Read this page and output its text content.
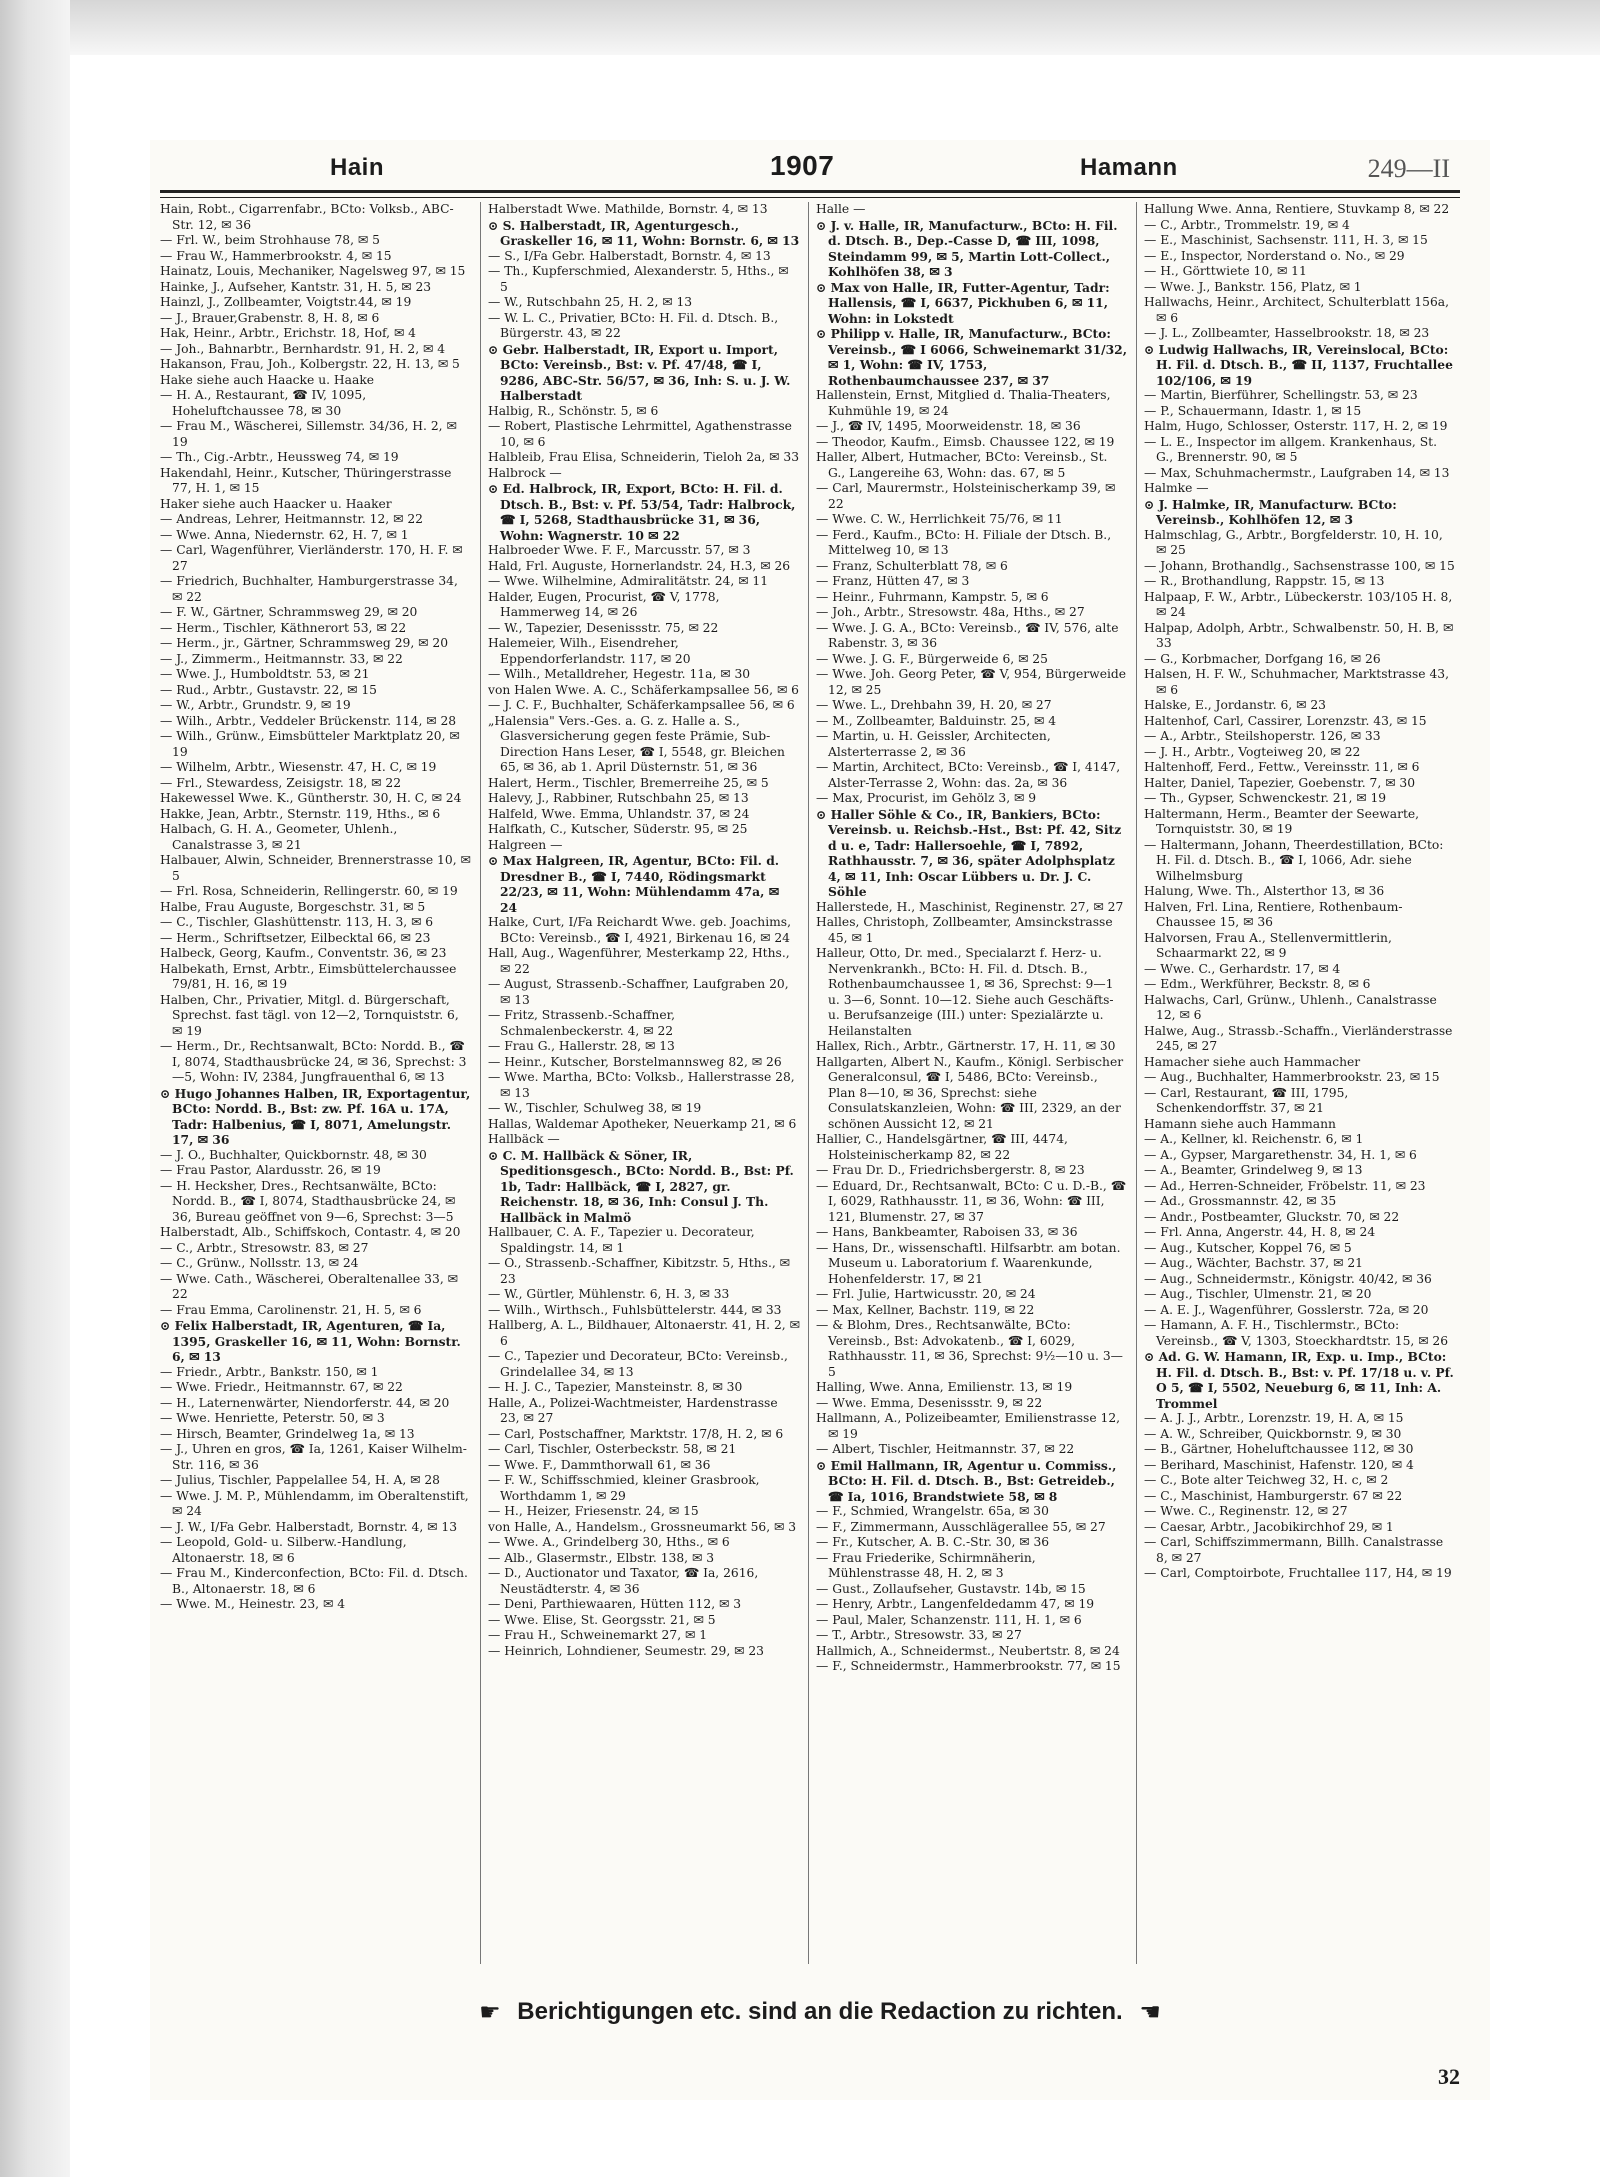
Hain	1907	Hamann	249—II
Hain, Robt., Cigarrenfabr., BCto: Volksb., ABC-Str. 12, ✉ 36
— Frl. W., beim Strohhause 78, ✉ 5
— Frau W., Hammerbrookstr. 4, ✉ 15
Hainatz, Louis, Mechaniker, Nagelsweg 97, ✉ 15
Hainke, J., Aufseher, Kantstr. 31, H. 5, ✉ 23
Hainzl, J., Zollbeamter, Voigtstr.44, ✉ 19
— J., Brauer,Grabenstr. 8, H. 8, ✉ 6
Hak, Heinr., Arbtr., Erichstr. 18, Hof, ✉ 4
— Joh., Bahnarbtr., Bernhardstr. 91, H. 2, ✉ 4
Hakanson, Frau, Joh., Kolbergstr. 22, H. 13, ✉ 5
Hake siehe auch Haacke u. Haake
— H. A., Restaurant, ☎ IV, 1095, Hoheluftchaussee 78, ✉ 30
— Frau M., Wäscherei, Sillemstr. 34/36, H. 2, ✉ 19
— Th., Cig.-Arbtr., Heussweg 74, ✉ 19
Hakendahl, Heinr., Kutscher, Thüringerstrasse 77, H. 1, ✉ 15
Haker siehe auch Haacker u. Haaker
— Andreas, Lehrer, Heitmannstr. 12, ✉ 22
— Wwe. Anna, Niedernstr. 62, H. 7, ✉ 1
— Carl, Wagenführer, Vierländerstr. 170, H. F. ✉ 27
— Friedrich, Buchhalter, Hamburgerstrasse 34, ✉ 22
— F. W., Gärtner, Schrammsweg 29, ✉ 20
— Herm., Tischler, Käthnerort 53, ✉ 22
— Herm., jr., Gärtner, Schrammsweg 29, ✉ 20
— J., Zimmerm., Heitmannstr. 33, ✉ 22
— Wwe. J., Humboldtstr. 53, ✉ 21
— Rud., Arbtr., Gustavstr. 22, ✉ 15
— W., Arbtr., Grundstr. 9, ✉ 19
— Wilh., Arbtr., Veddeler Brückenstr. 114, ✉ 28
— Wilh., Grünw., Eimsbütteler Marktplatz 20, ✉ 19
— Wilhelm, Arbtr., Wiesenstr. 47, H. C, ✉ 19
— Frl., Stewardess, Zeisigstr. 18, ✉ 22
Hakewessel Wwe. K., Güntherstr. 30, H. C, ✉ 24
Hakke, Jean, Arbtr., Sternstr. 119, Hths., ✉ 6
Halbach, G. H. A., Geometer, Uhlenh., Canalstrasse 3, ✉ 21
Halbauer, Alwin, Schneider, Brennerstrasse 10, ✉ 5
— Frl. Rosa, Schneiderin, Rellingerstr. 60, ✉ 19
Halbe, Frau Auguste, Borgeschstr. 31, ✉ 5
— C., Tischler, Glashüttenstr. 113, H. 3, ✉ 6
— Herm., Schriftsetzer, Eilbecktal 66, ✉ 23
Halbeck, Georg, Kaufm., Conventstr. 36, ✉ 23
Halbekath, Ernst, Arbtr., Eimsbüttelerchaussee 79/81, H. 16, ✉ 19
Halben, Chr., Privatier, Mitgl. d. Bürgerschaft, Sprechst. fast tägl. von 12—2, Tornquiststr. 6, ✉ 19
— Herm., Dr., Rechtsanwalt, BCto: Nordd. B., ☎ I, 8074, Stadthausbrücke 24, ✉ 36, Sprechst: 3—5, Wohn: IV, 2384, Jungfrauenthal 6, ✉ 13
⊙ Hugo Johannes Halben, IR, Exportagentur, BCto: Nordd. B., Bst: zw. Pf. 16A u. 17A, Tadr: Halbenius, ☎ I, 8071, Amelungstr. 17, ✉ 36
— J. O., Buchhalter, Quickbornstr. 48, ✉ 30
— Frau Pastor, Alardusstr. 26, ✉ 19
— H. Hecksher, Dres., Rechtsanwälte, BCto: Nordd. B., ☎ I, 8074, Stadthausbrücke 24, ✉ 36, Bureau geöffnet von 9—6, Sprechst: 3—5
Halberstadt, Alb., Schiffskoch, Contastr. 4, ✉ 20
— C., Arbtr., Stresowstr. 83, ✉ 27
— C., Grünw., Nollsstr. 13, ✉ 24
— Wwe. Cath., Wäscherei, Oberaltenallee 33, ✉ 22
— Frau Emma, Carolinenstr. 21, H. 5, ✉ 6
⊙ Felix Halberstadt, IR, Agenturen, ☎ Ia, 1395, Graskeller 16, ✉ 11, Wohn: Bornstr. 6, ✉ 13
— Friedr., Arbtr., Bankstr. 150, ✉ 1
— Wwe. Friedr., Heitmannstr. 67, ✉ 22
— H., Laternenwärter, Niendorferstr. 44, ✉ 20
— Wwe. Henriette, Peterstr. 50, ✉ 3
— Hirsch, Beamter, Grindelweg 1a, ✉ 13
— J., Uhren en gros, ☎ Ia, 1261, Kaiser Wilhelm-Str. 116, ✉ 36
— Julius, Tischler, Pappelallee 54, H. A, ✉ 28
— Wwe. J. M. P., Mühlendamm, im Oberaltenstift, ✉ 24
— J. W., I/Fa Gebr. Halberstadt, Bornstr. 4, ✉ 13
— Leopold, Gold- u. Silberw.-Handlung, Altonaerstr. 18, ✉ 6
— Frau M., Kinderconfection, BCto: Fil. d. Dtsch. B., Altonaerstr. 18, ✉ 6
— Wwe. M., Heinestr. 23, ✉ 4
Halberstadt Wwe. Mathilde, Bornstr. 4, ✉ 13
⊙ S. Halberstadt, IR, Agenturgesch., Graskeller 16, ✉ 11, Wohn: Bornstr. 6, ✉ 13
— S., I/Fa Gebr. Halberstadt, Bornstr. 4, ✉ 13
— Th., Kupferschmied, Alexanderstr. 5, Hths., ✉ 5
— W., Rutschbahn 25, H. 2, ✉ 13
— W. L. C., Privatier, BCto: H. Fil. d. Dtsch. B., Bürgerstr. 43, ✉ 22
⊙ Gebr. Halberstadt, IR, Export u. Import, BCto: Vereinsb., Bst: v. Pf. 47/48, ☎ I, 9286, ABC-Str. 56/57, ✉ 36, Inh: S. u. J. W. Halberstadt
Halbig, R., Schönstr. 5, ✉ 6
— Robert, Plastische Lehrmittel, Agathenstrasse 10, ✉ 6
Halbleib, Frau Elisa, Schneiderin, Tieloh 2a, ✉ 33
Halbrock —
⊙ Ed. Halbrock, IR, Export, BCto: H. Fil. d. Dtsch. B., Bst: v. Pf. 53/54, Tadr: Halbrock, ☎ I, 5268, Stadthausbrücke 31, ✉ 36, Wohn: Wagnerstr. 10 ✉ 22
Halbroeder Wwe. F. F., Marcusstr. 57, ✉ 3
Hald, Frl. Auguste, Hornerlandstr. 24, H.3, ✉ 26
— Wwe. Wilhelmine, Admiralitätstr. 24, ✉ 11
Halder, Eugen, Procurist, ☎ V, 1778, Hammerweg 14, ✉ 26
— W., Tapezier, Desenissstr. 75, ✉ 22
Halemeier, Wilh., Eisendreher, Eppendorferlandstr. 117, ✉ 20
— Wilh., Metalldreher, Hegestr. 11a, ✉ 30
von Halen Wwe. A. C., Schäferkampsallee 56, ✉ 6
— J. C. F., Buchhalter, Schäferkampsallee 56, ✉ 6
„Halensia" Vers.-Ges. a. G. z. Halle a. S., Glasversicherung gegen feste Prämie, Sub-Direction Hans Leser, ☎ I, 5548, gr. Bleichen 65, ✉ 36, ab 1. April Düsternstr. 51, ✉ 36
Halert, Herm., Tischler, Bremerreihe 25, ✉ 5
Halevy, J., Rabbiner, Rutschbahn 25, ✉ 13
Halfeld, Wwe. Emma, Uhlandstr. 37, ✉ 24
Halfkath, C., Kutscher, Süderstr. 95, ✉ 25
Halgreen —
⊙ Max Halgreen, IR, Agentur, BCto: Fil. d. Dresdner B., ☎ I, 7440, Rödingsmarkt 22/23, ✉ 11, Wohn: Mühlendamm 47a, ✉ 24
Halke, Curt, I/Fa Reichardt Wwe. geb. Joachims, BCto: Vereinsb., ☎ I, 4921, Birkenau 16, ✉ 24
Hall, Aug., Wagenführer, Mesterkamp 22, Hths., ✉ 22
— August, Strassenb.-Schaffner, Laufgraben 20, ✉ 13
— Fritz, Strassenb.-Schaffner, Schmalenbeckerstr. 4, ✉ 22
— Frau G., Hallerstr. 28, ✉ 13
— Heinr., Kutscher, Borstelmannsweg 82, ✉ 26
— Wwe. Martha, BCto: Volksb., Hallerstrasse 28, ✉ 13
— W., Tischler, Schulweg 38, ✉ 19
Hallas, Waldemar Apotheker, Neuerkamp 21, ✉ 6
Hallbäck —
⊙ C. M. Hallbäck & Söner, IR, Speditionsgesch., BCto: Nordd. B., Bst: Pf. 1b, Tadr: Hallbäck, ☎ I, 2827, gr. Reichenstr. 18, ✉ 36, Inh: Consul J. Th. Hallbäck in Malmö
Hallbauer, C. A. F., Tapezier u. Decorateur, Spaldingstr. 14, ✉ 1
— O., Strassenb.-Schaffner, Kibitzstr. 5, Hths., ✉ 23
— W., Gürtler, Mühlenstr. 6, H. 3, ✉ 33
— Wilh., Wirthsch., Fuhlsbüttelerstr. 444, ✉ 33
Hallberg, A. L., Bildhauer, Altonaerstr. 41, H. 2, ✉ 6
— C., Tapezier und Decorateur, BCto: Vereinsb., Grindelallee 34, ✉ 13
— H. J. C., Tapezier, Mansteinstr. 8, ✉ 30
Halle, A., Polizei-Wachtmeister, Hardenstrasse 23, ✉ 27
— Carl, Postschaffner, Marktstr. 17/8, H. 2, ✉ 6
— Carl, Tischler, Osterbeckstr. 58, ✉ 21
— Wwe. F., Dammthorwall 61, ✉ 36
— F. W., Schiffsschmied, kleiner Grasbrook, Worthdamm 1, ✉ 29
— H., Heizer, Friesenstr. 24, ✉ 15
von Halle, A., Handelsm., Grossneumarkt 56, ✉ 3
— Wwe. A., Grindelberg 30, Hths., ✉ 6
— Alb., Glasermstr., Elbstr. 138, ✉ 3
— D., Auctionator und Taxator, ☎ Ia, 2616, Neustädterstr. 4, ✉ 36
— Deni, Parthiewaaren, Hütten 112, ✉ 3
— Wwe. Elise, St. Georgsstr. 21, ✉ 5
— Frau H., Schweinemarkt 27, ✉ 1
— Heinrich, Lohndiener, Seumestr. 29, ✉ 23
Halle —
⊙ J. v. Halle, IR, Manufacturw., BCto: H. Fil. d. Dtsch. B., Dep.-Casse D, ☎ III, 1098, Steindamm 99, ✉ 5, Martin Lott-Collect., Kohlhöfen 38, ✉ 3
⊙ Max von Halle, IR, Futter-Agentur, Tadr: Hallensis, ☎ I, 6637, Pickhuben 6, ✉ 11, Wohn: in Lokstedt
⊙ Philipp v. Halle, IR, Manufacturw., BCto: Vereinsb., ☎ I 6066, Schweinemarkt 31/32, ✉ 1, Wohn: ☎ IV, 1753, Rothenbaumchaussee 237, ✉ 37
Hallenstein, Ernst, Mitglied d. Thalia-Theaters, Kuhmühle 19, ✉ 24
— J., ☎ IV, 1495, Moorweidenstr. 18, ✉ 36
— Theodor, Kaufm., Eimsb. Chaussee 122, ✉ 19
Haller, Albert, Hutmacher, BCto: Vereinsb., St. G., Langereihe 63, Wohn: das. 67, ✉ 5
— Carl, Maurermstr., Holsteinischerkamp 39, ✉ 22
— Wwe. C. W., Herrlichkeit 75/76, ✉ 11
— Ferd., Kaufm., BCto: H. Filiale der Dtsch. B., Mittelweg 10, ✉ 13
— Franz, Schulterblatt 78, ✉ 6
— Franz, Hütten 47, ✉ 3
— Heinr., Fuhrmann, Kampstr. 5, ✉ 6
— Joh., Arbtr., Stresowstr. 48a, Hths., ✉ 27
— Wwe. J. G. A., BCto: Vereinsb., ☎ IV, 576, alte Rabenstr. 3, ✉ 36
— Wwe. J. G. F., Bürgerweide 6, ✉ 25
— Wwe. Joh. Georg Peter, ☎ V, 954, Bürgerweide 12, ✉ 25
— Wwe. L., Drehbahn 39, H. 20, ✉ 27
— M., Zollbeamter, Balduinstr. 25, ✉ 4
— Martin, u. H. Geissler, Architecten, Alsterterrasse 2, ✉ 36
— Martin, Architect, BCto: Vereinsb., ☎ I, 4147, Alster-Terrasse 2, Wohn: das. 2a, ✉ 36
— Max, Procurist, im Gehölz 3, ✉ 9
⊙ Haller Söhle & Co., IR, Bankiers, BCto: Vereinsb. u. Reichsb.-Hst., Bst: Pf. 42, Sitz d u. e, Tadr: Hallersoehle, ☎ I, 7892, Rathhausstr. 7, ✉ 36, später Adolphsplatz 4, ✉ 11, Inh: Oscar Lübbers u. Dr. J. C. Söhle
Hallerstede, H., Maschinist, Reginenstr. 27, ✉ 27
Halles, Christoph, Zollbeamter, Amsinckstrasse 45, ✉ 1
Halleur, Otto, Dr. med., Specialarzt f. Herz- u. Nervenkrankh., BCto: H. Fil. d. Dtsch. B., Rothenbaumchaussee 1, ✉ 36, Sprechst: 9—1 u. 3—6, Sonnt. 10—12. Siehe auch Geschäfts- u. Berufsanzeige (III.) unter: Spezialärzte u. Heilanstalten
Hallex, Rich., Arbtr., Gärtnerstr. 17, H. 11, ✉ 30
Hallgarten, Albert N., Kaufm., Königl. Serbischer Generalconsul, ☎ I, 5486, BCto: Vereinsb., Plan 8—10, ✉ 36, Sprechst: siehe Consulatskanzleien, Wohn: ☎ III, 2329, an der schönen Aussicht 12, ✉ 21
Hallier, C., Handelsgärtner, ☎ III, 4474, Holsteinischerkamp 82, ✉ 22
— Frau Dr. D., Friedrichsbergerstr. 8, ✉ 23
— Eduard, Dr., Rechtsanwalt, BCto: C u. D.-B., ☎ I, 6029, Rathhausstr. 11, ✉ 36, Wohn: ☎ III, 121, Blumenstr. 27, ✉ 37
— Hans, Bankbeamter, Raboisen 33, ✉ 36
— Hans, Dr., wissenschaftl. Hilfsarbtr. am botan. Museum u. Laboratorium f. Waarenkunde, Hohenfelderstr. 17, ✉ 21
— Frl. Julie, Hartwicusstr. 20, ✉ 24
— Max, Kellner, Bachstr. 119, ✉ 22
— & Blohm, Dres., Rechtsanwälte, BCto: Vereinsb., Bst: Advokatenb., ☎ I, 6029, Rathhausstr. 11, ✉ 36, Sprechst: 9½—10 u. 3—5
Halling, Wwe. Anna, Emilienstr. 13, ✉ 19
— Wwe. Emma, Desenissstr. 9, ✉ 22
Hallmann, A., Polizeibeamter, Emilienstrasse 12, ✉ 19
— Albert, Tischler, Heitmannstr. 37, ✉ 22
⊙ Emil Hallmann, IR, Agentur u. Commiss., BCto: H. Fil. d. Dtsch. B., Bst: Getreideb., ☎ Ia, 1016, Brandstwiete 58, ✉ 8
— F., Schmied, Wrangelstr. 65a, ✉ 30
— F., Zimmermann, Ausschlägerallee 55, ✉ 27
— Fr., Kutscher, A. B. C.-Str. 30, ✉ 36
— Frau Friederike, Schirmnäherin, Mühlenstrasse 48, H. 2, ✉ 3
— Gust., Zollaufseher, Gustavstr. 14b, ✉ 15
— Henry, Arbtr., Langenfeldedamm 47, ✉ 19
— Paul, Maler, Schanzenstr. 111, H. 1, ✉ 6
— T., Arbtr., Stresowstr. 33, ✉ 27
Hallmich, A., Schneidermst., Neubertstr. 8, ✉ 24
— F., Schneidermstr., Hammerbrookstr. 77, ✉ 15
Hallung Wwe. Anna, Rentiere, Stuvkamp 8, ✉ 22
— C., Arbtr., Trommelstr. 19, ✉ 4
— E., Maschinist, Sachsenstr. 111, H. 3, ✉ 15
— E., Inspector, Norderstand o. No., ✉ 29
— H., Görttwiete 10, ✉ 11
— Wwe. J., Bankstr. 156, Platz, ✉ 1
Hallwachs, Heinr., Architect, Schulterblatt 156a, ✉ 6
— J. L., Zollbeamter, Hasselbrookstr. 18, ✉ 23
⊙ Ludwig Hallwachs, IR, Vereinslocal, BCto: H. Fil. d. Dtsch. B., ☎ II, 1137, Fruchtallee 102/106, ✉ 19
— Martin, Bierführer, Schellingstr. 53, ✉ 23
— P., Schauermann, Idastr. 1, ✉ 15
Halm, Hugo, Schlosser, Osterstr. 117, H. 2, ✉ 19
— L. E., Inspector im allgem. Krankenhaus, St. G., Brennerstr. 90, ✉ 5
— Max, Schuhmachermstr., Laufgraben 14, ✉ 13
Halmke —
⊙ J. Halmke, IR, Manufacturw. BCto: Vereinsb., Kohlhöfen 12, ✉ 3
Halmschlag, G., Arbtr., Borgfelderstr. 10, H. 10, ✉ 25
— Johann, Brothandlg., Sachsenstrasse 100, ✉ 15
— R., Brothandlung, Rappstr. 15, ✉ 13
Halpaap, F. W., Arbtr., Lübeckerstr. 103/105 H. 8, ✉ 24
Halpap, Adolph, Arbtr., Schwalbenstr. 50, H. B, ✉ 33
— G., Korbmacher, Dorfgang 16, ✉ 26
Halsen, H. F. W., Schuhmacher, Marktstrasse 43, ✉ 6
Halske, E., Jordanstr. 6, ✉ 23
Haltenhof, Carl, Cassirer, Lorenzstr. 43, ✉ 15
— A., Arbtr., Steilshoperstr. 126, ✉ 33
— J. H., Arbtr., Vogteiweg 20, ✉ 22
Haltenhoff, Ferd., Fettw., Vereinsstr. 11, ✉ 6
Halter, Daniel, Tapezier, Goebenstr. 7, ✉ 30
— Th., Gypser, Schwenckestr. 21, ✉ 19
Haltermann, Herm., Beamter der Seewarte, Tornquiststr. 30, ✉ 19
— Haltermann, Johann, Theerdestillation, BCto: H. Fil. d. Dtsch. B., ☎ I, 1066, Adr. siehe Wilhelmsburg
Halung, Wwe. Th., Alsterthor 13, ✉ 36
Halven, Frl. Lina, Rentiere, Rothenbaum-Chaussee 15, ✉ 36
Halvorsen, Frau A., Stellenvermittlerin, Schaarmarkt 22, ✉ 9
— Wwe. C., Gerhardstr. 17, ✉ 4
— Edm., Werkführer, Beckstr. 8, ✉ 6
Halwachs, Carl, Grünw., Uhlenh., Canalstrasse 12, ✉ 6
Halwe, Aug., Strassb.-Schaffn., Vierländerstrasse 245, ✉ 27
Hamacher siehe auch Hammacher
— Aug., Buchhalter, Hammerbrookstr. 23, ✉ 15
— Carl, Restaurant, ☎ III, 1795, Schenkendorffstr. 37, ✉ 21
Hamann siehe auch Hammann
— A., Kellner, kl. Reichenstr. 6, ✉ 1
— A., Gypser, Margarethenstr. 34, H. 1, ✉ 6
— A., Beamter, Grindelweg 9, ✉ 13
— Ad., Herren-Schneider, Fröbelstr. 11, ✉ 23
— Ad., Grossmannstr. 42, ✉ 35
— Andr., Postbeamter, Gluckstr. 70, ✉ 22
— Frl. Anna, Angerstr. 44, H. 8, ✉ 24
— Aug., Kutscher, Koppel 76, ✉ 5
— Aug., Wächter, Bachstr. 37, ✉ 21
— Aug., Schneidermstr., Königstr. 40/42, ✉ 36
— Aug., Tischler, Ulmenstr. 21, ✉ 20
— A. E. J., Wagenführer, Gosslerstr. 72a, ✉ 20
— Hamann, A. F. H., Tischlermstr., BCto: Vereinsb., ☎ V, 1303, Stoeckhardtstr. 15, ✉ 26
⊙ Ad. G. W. Hamann, IR, Exp. u. Imp., BCto: H. Fil. d. Dtsch. B., Bst: v. Pf. 17/18 u. v. Pf. O 5, ☎ I, 5502, Neueburg 6, ✉ 11, Inh: A. Trommel
— A. J. J., Arbtr., Lorenzstr. 19, H. A, ✉ 15
— A. W., Schreiber, Quickbornstr. 9, ✉ 30
— B., Gärtner, Hoheluftchaussee 112, ✉ 30
— Berihard, Maschinist, Hafenstr. 120, ✉ 4
— C., Bote alter Teichweg 32, H. c, ✉ 2
— C., Maschinist, Hamburgerstr. 67 ✉ 22
— Wwe. C., Reginenstr. 12, ✉ 27
— Caesar, Arbtr., Jacobikirchhof 29, ✉ 1
— Carl, Schiffszimmermann, Billh. Canalstrasse 8, ✉ 27
— Carl, Comptoirbote, Fruchtallee 117, H4, ✉ 19
☛ Berichtigungen etc. sind an die Redaction zu richten. ☚
32
